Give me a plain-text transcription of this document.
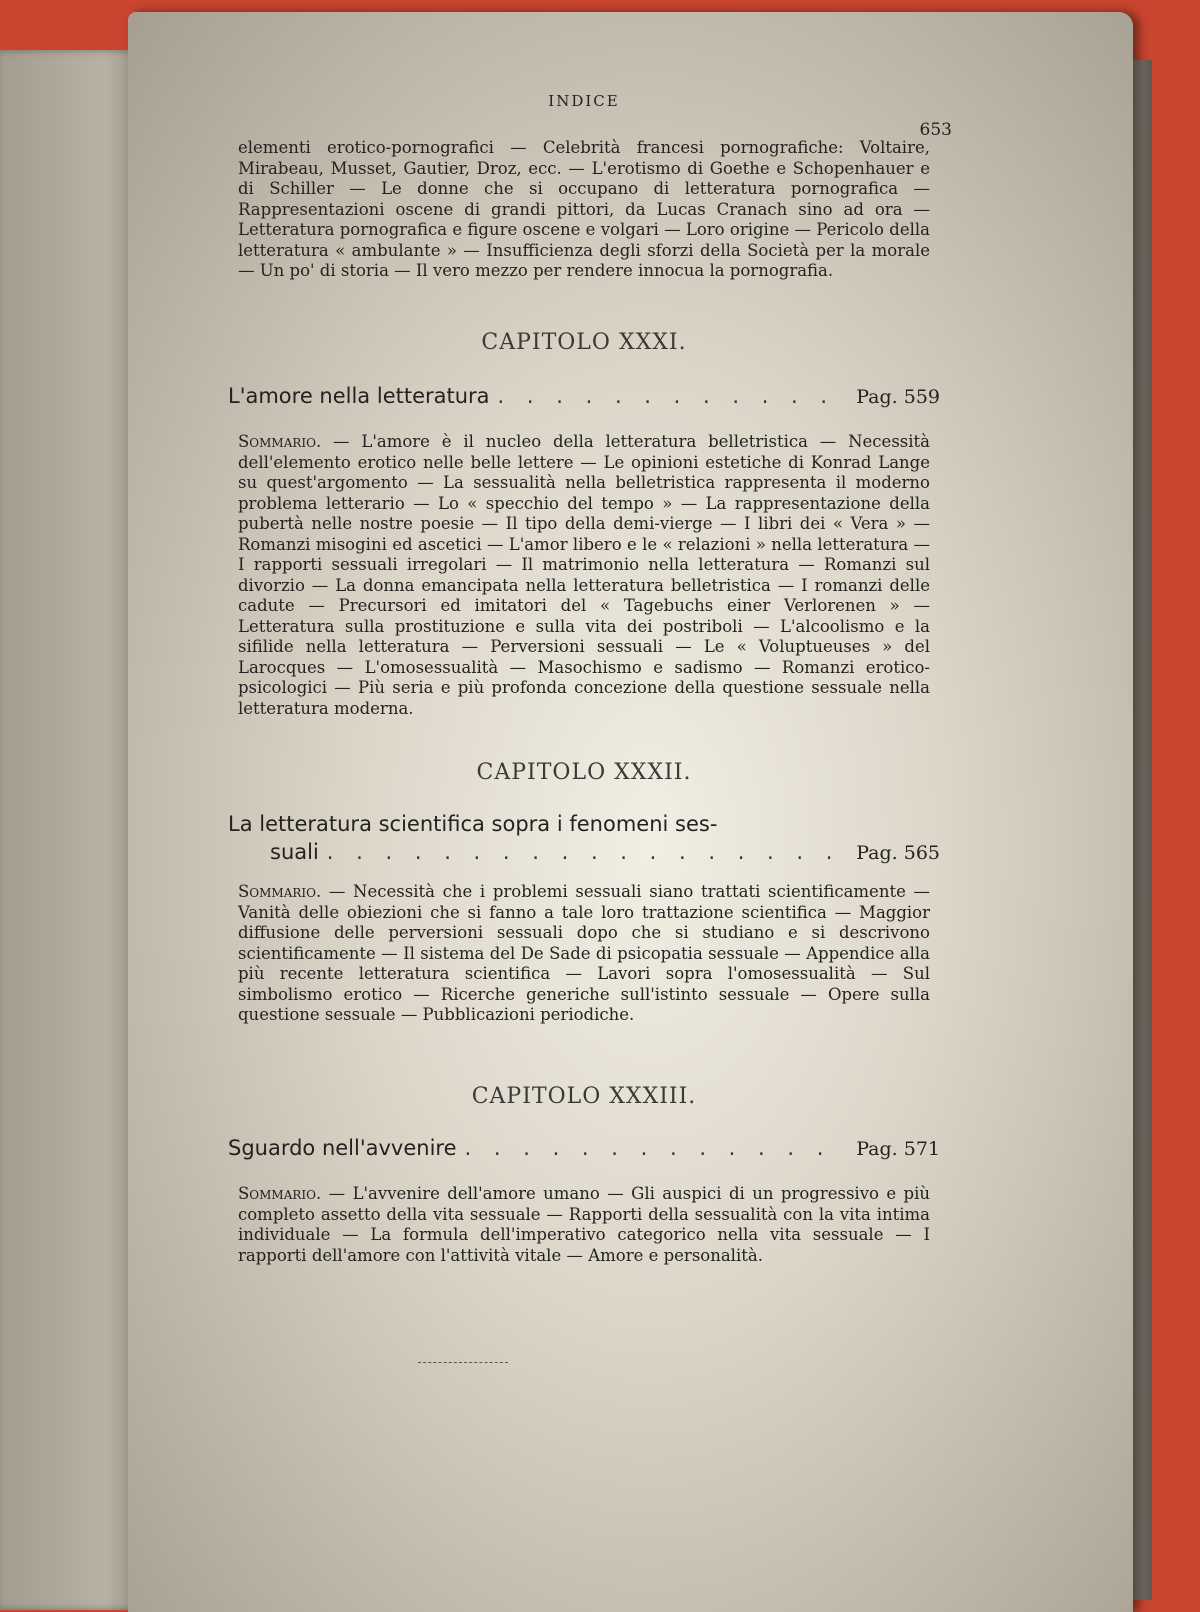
INDICE
653
elementi erotico-pornografici — Celebrità francesi pornografiche: Voltaire, Mirabeau, Musset, Gautier, Droz, ecc. — L'erotismo di Goethe e Schopenhauer e di Schiller — Le donne che si occupano di letteratura pornografica — Rappresentazioni oscene di grandi pittori, da Lucas Cranach sino ad ora — Letteratura pornografica e figure oscene e volgari — Loro origine — Pericolo della letteratura « ambulante » — Insufficienza degli sforzi della Società per la morale — Un po' di storia — Il vero mezzo per rendere innocua la pornografia.
CAPITOLO XXXI.
L'amore nella letteratura . . .	Pag. 559
Sommario. — L'amore è il nucleo della letteratura belletristica — Necessità dell'elemento erotico nelle belle lettere — Le opinioni estetiche di Konrad Lange su quest'argomento — La sessualità nella belletristica rappresenta il moderno problema letterario — Lo « specchio del tempo » — La rappresentazione della pubertà nelle nostre poesie — Il tipo della demi-vierge — I libri dei « Vera » — Romanzi misogini ed ascetici — L'amor libero e le « relazioni » nella letteratura — I rapporti sessuali irregolari — Il matrimonio nella letteratura — Romanzi sul divorzio — La donna emancipata nella letteratura belletristica — I romanzi delle cadute — Precursori ed imitatori del « Tagebuchs einer Verlorenen » — Letteratura sulla prostituzione e sulla vita dei postriboli — L'alcoolismo e la sifilide nella letteratura — Perversioni sessuali — Le « Voluptueuses » del Larocques — L'omosessualità — Masochismo e sadismo — Romanzi erotico-psicologici — Più seria e più profonda concezione della questione sessuale nella letteratura moderna.
CAPITOLO XXXII.
La letteratura scientifica sopra i fenomeni ses-
suali . . .	Pag. 565
Sommario. — Necessità che i problemi sessuali siano trattati scientificamente — Vanità delle obiezioni che si fanno a tale loro trattazione scientifica — Maggior diffusione delle perversioni sessuali dopo che si studiano e si descrivono scientificamente — Il sistema del De Sade di psicopatia sessuale — Appendice alla più recente letteratura scientifica — Lavori sopra l'omosessualità — Sul simbolismo erotico — Ricerche generiche sull'istinto sessuale — Opere sulla questione sessuale — Pubblicazioni periodiche.
CAPITOLO XXXIII.
Sguardo nell'avvenire . . .	Pag. 571
Sommario. — L'avvenire dell'amore umano — Gli auspici di un progressivo e più completo assetto della vita sessuale — Rapporti della sessualità con la vita intima individuale — La formula dell'imperativo categorico nella vita sessuale — I rapporti dell'amore con l'attività vitale — Amore e personalità.
